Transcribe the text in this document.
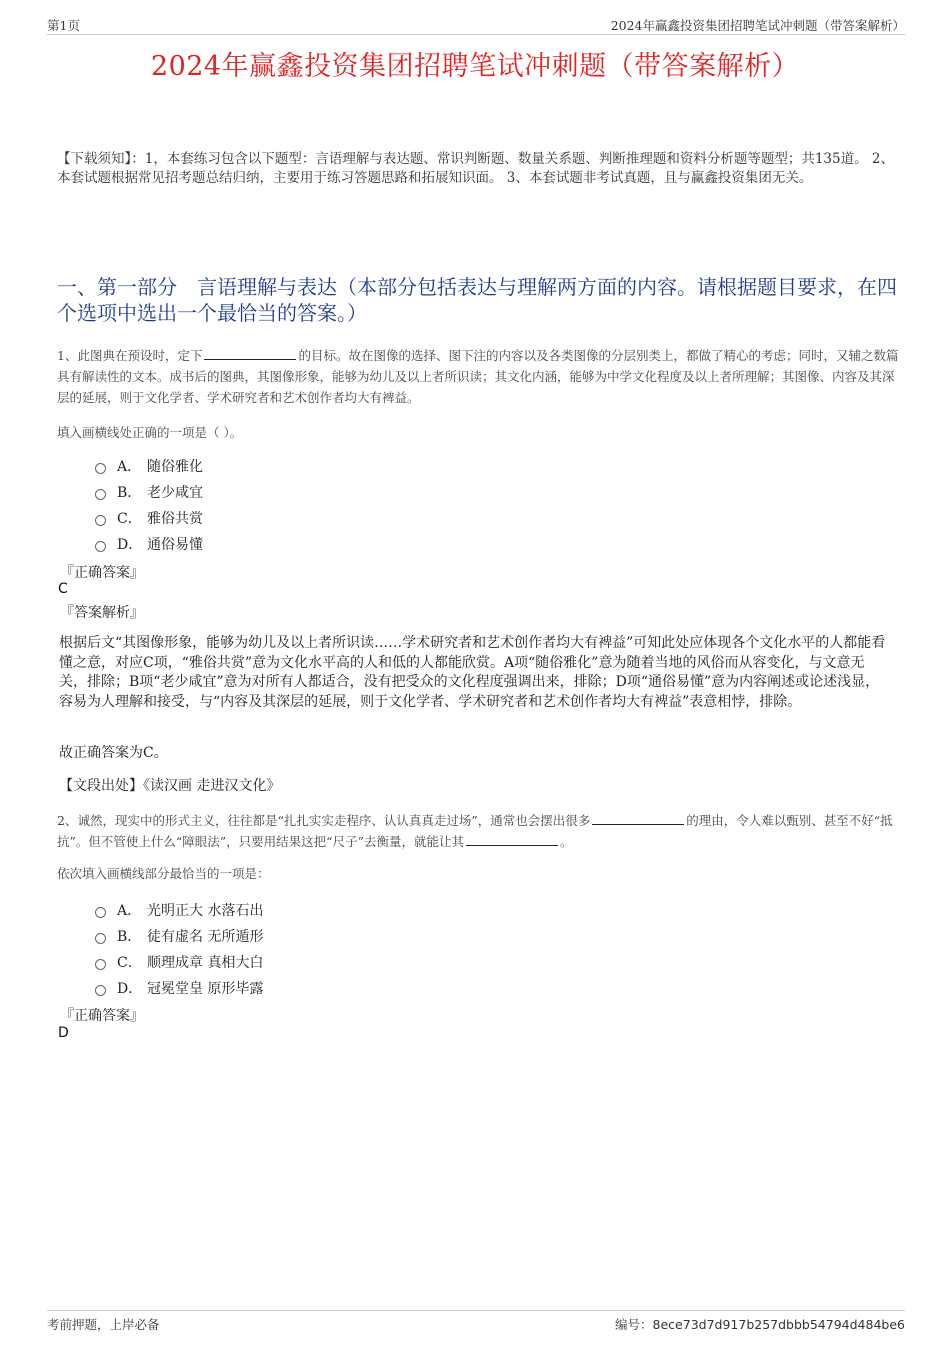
第1页	2024年赢鑫投资集团招聘笔试冲刺题（带答案解析）
2024年赢鑫投资集团招聘笔试冲刺题（带答案解析）
【下载须知】：1，本套练习包含以下题型：言语理解与表达题、常识判断题、数量关系题、判断推理题和资料分析题等题型；共135道。 2、本套试题根据常见招考题总结归纳，主要用于练习答题思路和拓展知识面。 3、本套试题非考试真题，且与赢鑫投资集团无关。
一、第一部分　言语理解与表达（本部分包括表达与理解两方面的内容。请根据题目要求，在四个选项中选出一个最恰当的答案。）
1、此图典在预设时，定下	的目标。故在图像的选择、图下注的内容以及各类图像的分层别类上，都做了精心的考虑；同时，又辅之数篇具有解读性的文本。成书后的图典，其图像形象，能够为幼儿及以上者所识读；其文化内涵，能够为中学文化程度及以上者所理解；其图像、内容及其深层的延展，则于文化学者、学术研究者和艺术创作者均大有裨益。
填入画横线处正确的一项是（ ）。
A． 随俗雅化
B． 老少咸宜
C． 雅俗共赏
D． 通俗易懂
『正确答案』
C
『答案解析』
根据后文“其图像形象，能够为幼儿及以上者所识读……学术研究者和艺术创作者均大有裨益”可知此处应体现各个文化水平的人都能看懂之意，对应C项，“雅俗共赏”意为文化水平高的人和低的人都能欣赏。A项“随俗雅化”意为随着当地的风俗而从容变化，与文意无关，排除；B项“老少咸宜”意为对所有人都适合，没有把受众的文化程度强调出来，排除；D项“通俗易懂”意为内容阐述或论述浅显，容易为人理解和接受，与“内容及其深层的延展，则于文化学者、学术研究者和艺术创作者均大有裨益”表意相悖，排除。
故正确答案为C。
【文段出处】《读汉画 走进汉文化》
2、诚然，现实中的形式主义，往往都是“扎扎实实走程序、认认真真走过场”，通常也会摆出很多	的理由，令人难以甄别、甚至不好“抵抗”。但不管使上什么“障眼法”，只要用结果这把“尺子”去衡量，就能让其	。
依次填入画横线部分最恰当的一项是：
A． 光明正大 水落石出
B． 徒有虚名 无所遁形
C． 顺理成章 真相大白
D． 冠冕堂皇 原形毕露
『正确答案』
D
考前押题，上岸必备	编号：8ece73d7d917b257dbbb54794d484be6
